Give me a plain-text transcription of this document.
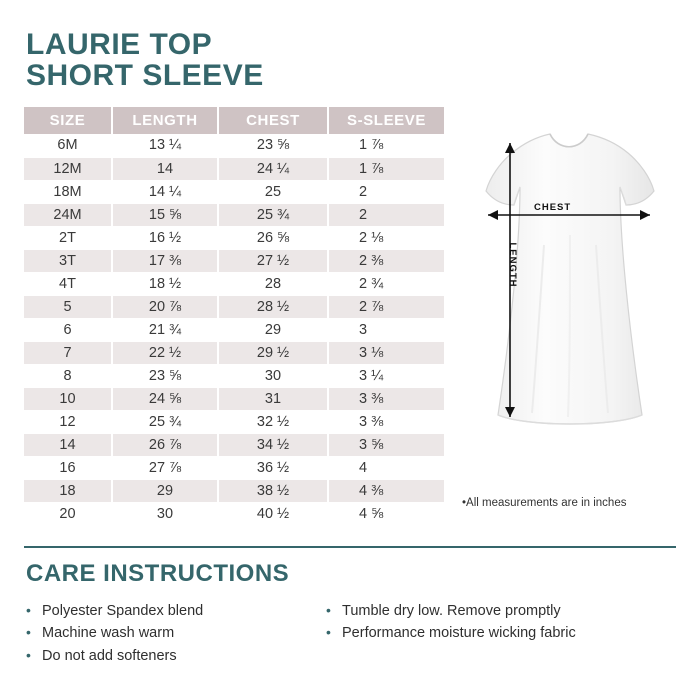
LAURIE TOP
SHORT SLEEVE
SIZE	LENGTH	CHEST	S-SLEEVE
6M	13 ¼	23 ⅝	1 ⅞
12M	14	24 ¼	1 ⅞
18M	14 ¼	25	2
24M	15 ⅝	25 ¾	2
2T	16 ½	26 ⅝	2 ⅛
3T	17 ⅜	27 ½	2 ⅜
4T	18 ½	28	2 ¾
5	20 ⅞	28 ½	2 ⅞
6	21 ¾	29	3
7	22 ½	29 ½	3 ⅛
8	23 ⅝	30	3 ¼
10	24 ⅝	31	3 ⅜
12	25 ¾	32 ½	3 ⅜
14	26 ⅞	34 ½	3 ⅝
16	27 ⅞	36 ½	4
18	29	38 ½	4 ⅜
20	30	40 ½	4 ⅝
CHEST
LENGTH
•All measurements are in inches
CARE INSTRUCTIONS
• Polyester Spandex blend
• Machine wash warm
• Do not add softeners
• Tumble dry low. Remove promptly
• Performance moisture wicking fabric
